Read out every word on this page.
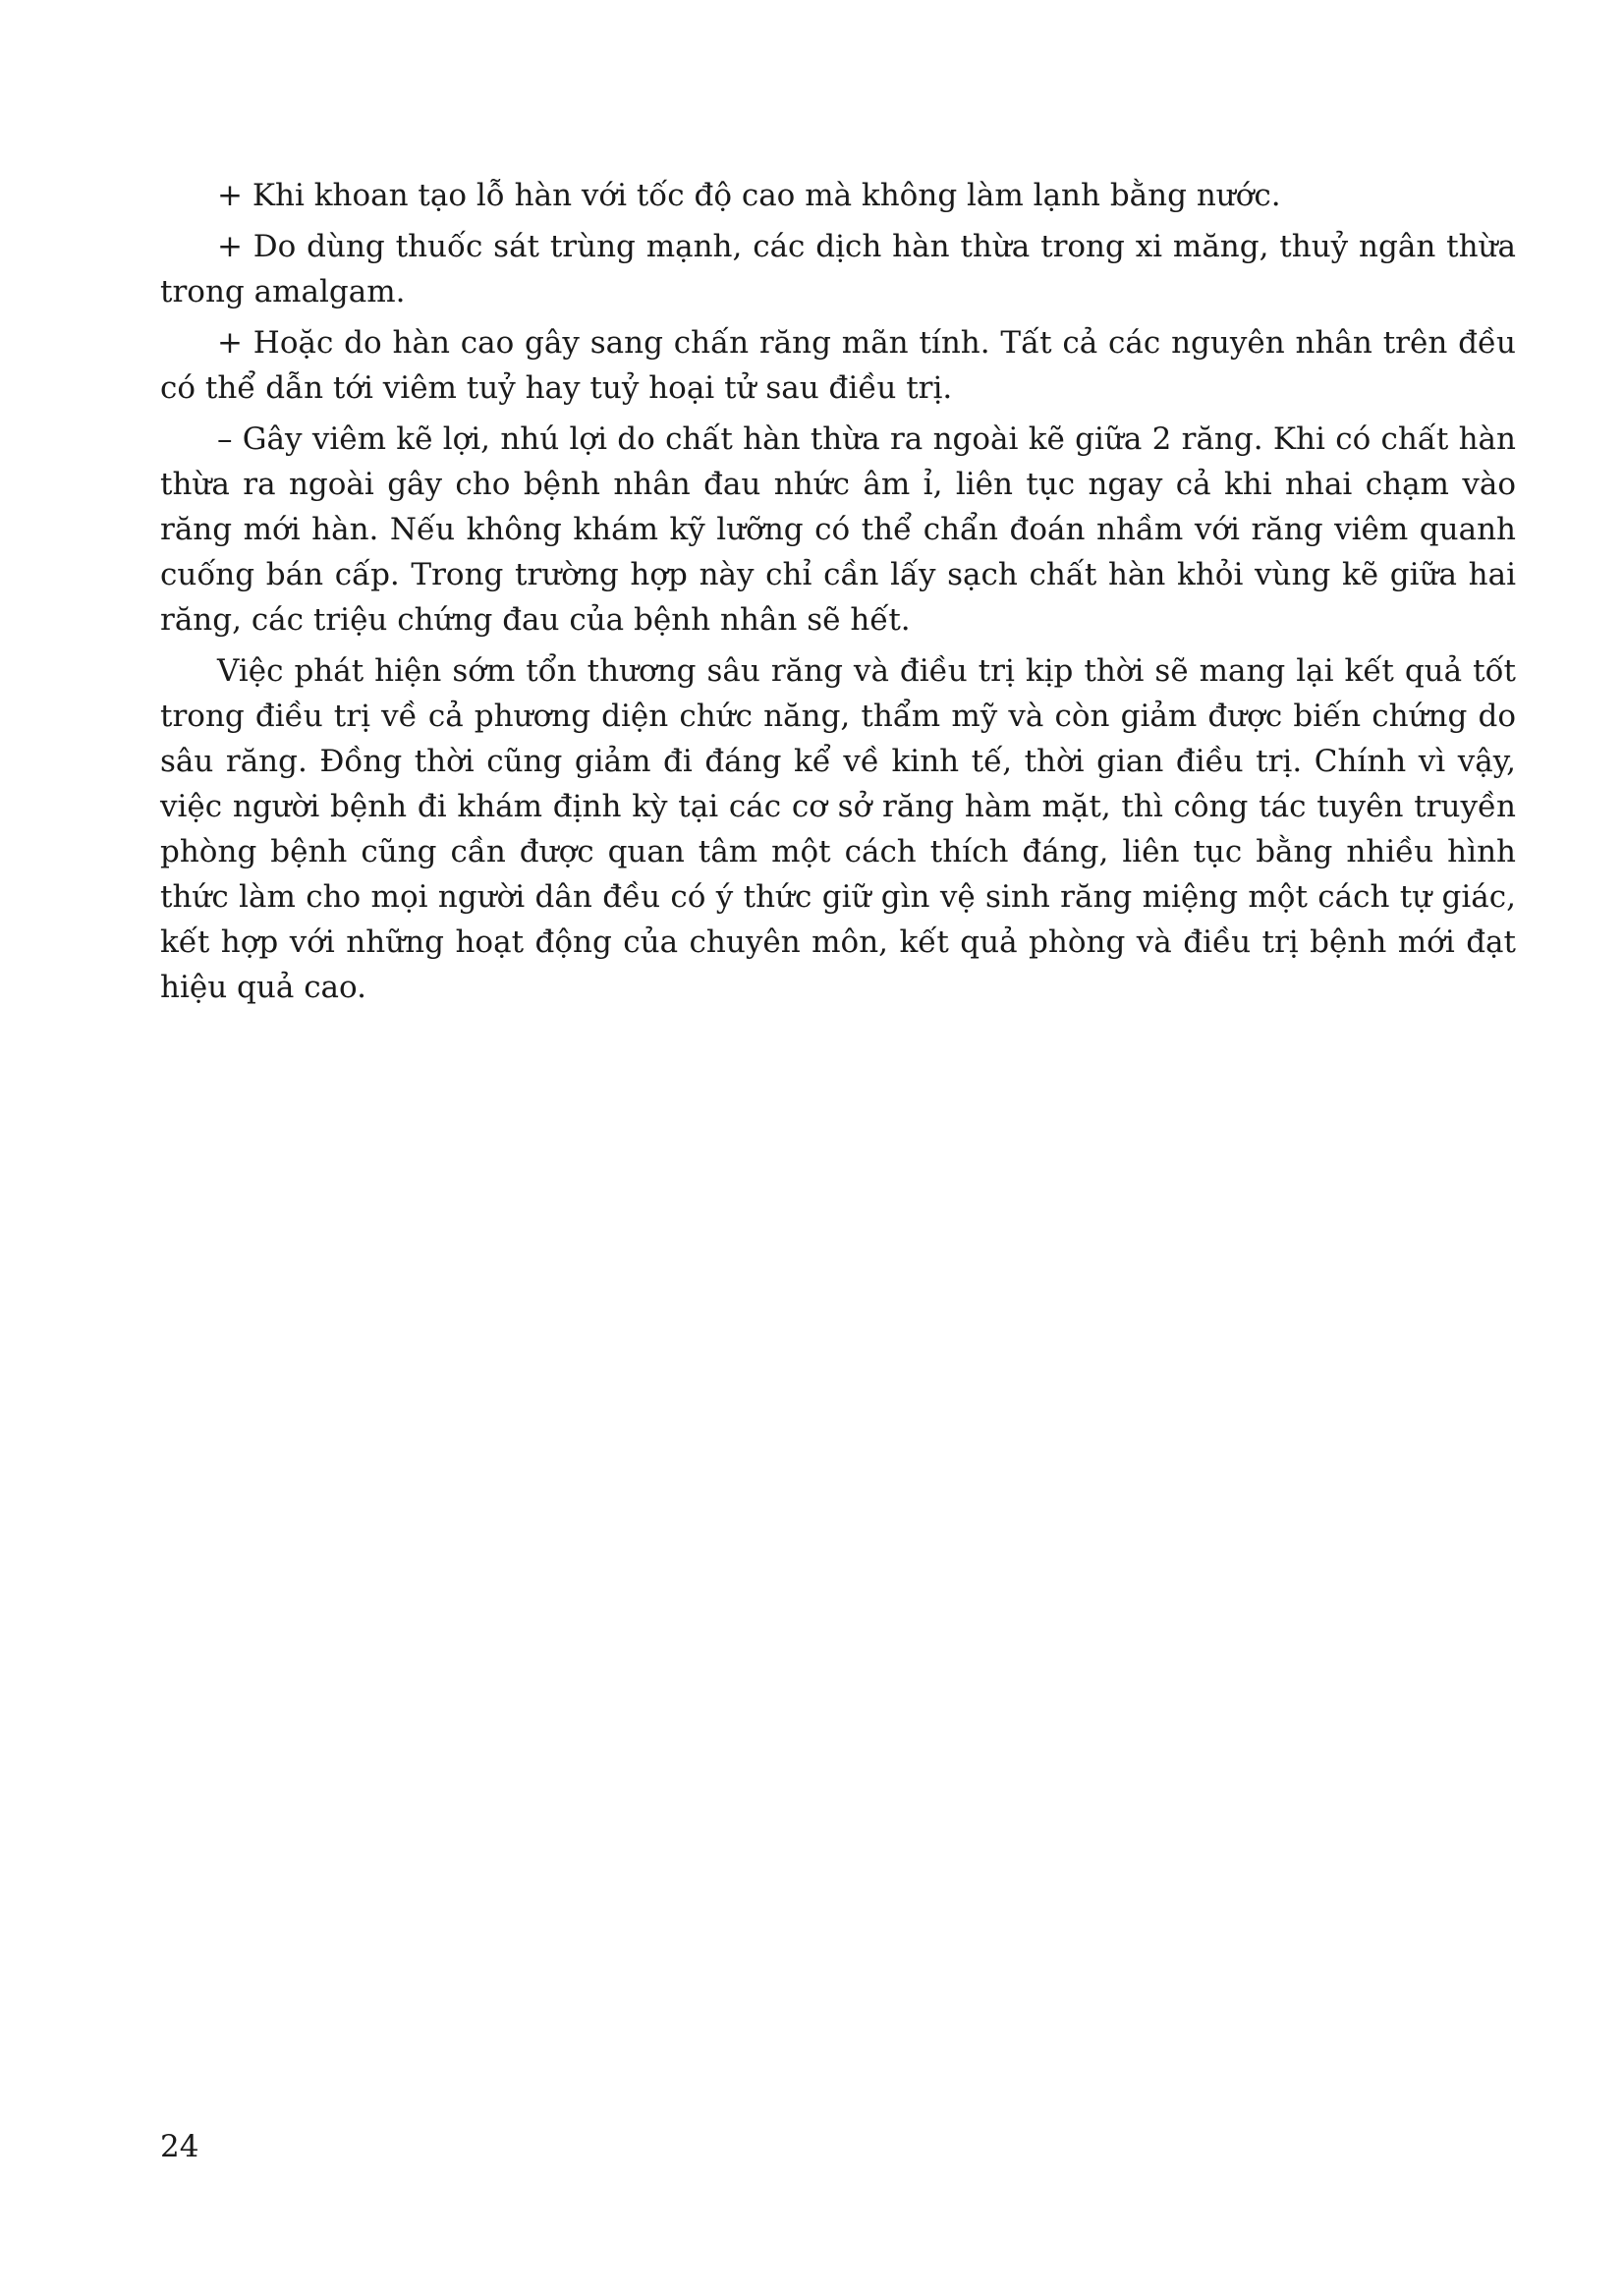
+ Khi khoan tạo lỗ hàn với tốc độ cao mà không làm lạnh bằng nước.

+ Do dùng thuốc sát trùng mạnh, các dịch hàn thừa trong xi măng, thuỷ ngân thừa trong amalgam.

+ Hoặc do hàn cao gây sang chấn răng mãn tính. Tất cả các nguyên nhân trên đều có thể dẫn tới viêm tuỷ hay tuỷ hoại tử sau điều trị.

– Gây viêm kẽ lợi, nhú lợi do chất hàn thừa ra ngoài kẽ giữa 2 răng. Khi có chất hàn thừa ra ngoài gây cho bệnh nhân đau nhức âm ỉ, liên tục ngay cả khi nhai chạm vào răng mới hàn. Nếu không khám kỹ lưỡng có thể chẩn đoán nhầm với răng viêm quanh cuống bán cấp. Trong trường hợp này chỉ cần lấy sạch chất hàn khỏi vùng kẽ giữa hai răng, các triệu chứng đau của bệnh nhân sẽ hết.

Việc phát hiện sớm tổn thương sâu răng và điều trị kịp thời sẽ mang lại kết quả tốt trong điều trị về cả phương diện chức năng, thẩm mỹ và còn giảm được biến chứng do sâu răng. Đồng thời cũng giảm đi đáng kể về kinh tế, thời gian điều trị. Chính vì vậy, việc người bệnh đi khám định kỳ tại các cơ sở răng hàm mặt, thì công tác tuyên truyền phòng bệnh cũng cần được quan tâm một cách thích đáng, liên tục bằng nhiều hình thức làm cho mọi người dân đều có ý thức giữ gìn vệ sinh răng miệng một cách tự giác, kết hợp với những hoạt động của chuyên môn, kết quả phòng và điều trị bệnh mới đạt hiệu quả cao.

24
